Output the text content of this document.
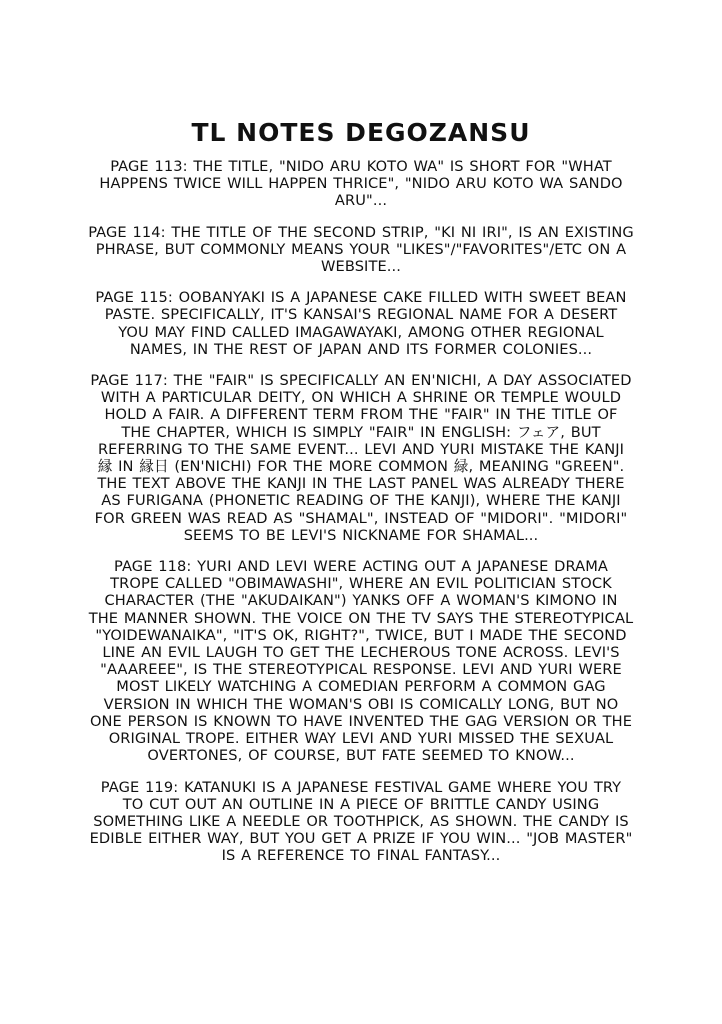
TL NOTES DEGOZANSU
PAGE 113: THE TITLE, "NIDO ARU KOTO WA" IS SHORT FOR "WHAT HAPPENS TWICE WILL HAPPEN THRICE", "NIDO ARU KOTO WA SANDO ARU"...
PAGE 114: THE TITLE OF THE SECOND STRIP, "KI NI IRI", IS AN EXISTING PHRASE, BUT COMMONLY MEANS YOUR "LIKES"/"FAVORITES"/ETC ON A WEBSITE...
PAGE 115: OOBANYAKI IS A JAPANESE CAKE FILLED WITH SWEET BEAN PASTE. SPECIFICALLY, IT'S KANSAI'S REGIONAL NAME FOR A DESERT YOU MAY FIND CALLED IMAGAWAYAKI, AMONG OTHER REGIONAL NAMES, IN THE REST OF JAPAN AND ITS FORMER COLONIES...
PAGE 117: THE "FAIR" IS SPECIFICALLY AN EN'NICHI, A DAY ASSOCIATED WITH A PARTICULAR DEITY, ON WHICH A SHRINE OR TEMPLE WOULD HOLD A FAIR. A DIFFERENT TERM FROM THE "FAIR" IN THE TITLE OF THE CHAPTER, WHICH IS SIMPLY "FAIR" IN ENGLISH: フェア, BUT REFERRING TO THE SAME EVENT... LEVI AND YURI MISTAKE THE KANJI 縁 IN 縁日 (EN'NICHI) FOR THE MORE COMMON 緑, MEANING "GREEN". THE TEXT ABOVE THE KANJI IN THE LAST PANEL WAS ALREADY THERE AS FURIGANA (PHONETIC READING OF THE KANJI), WHERE THE KANJI FOR GREEN WAS READ AS "SHAMAL", INSTEAD OF "MIDORI". "MIDORI" SEEMS TO BE LEVI'S NICKNAME FOR SHAMAL...
PAGE 118: YURI AND LEVI WERE ACTING OUT A JAPANESE DRAMA TROPE CALLED "OBIMAWASHI", WHERE AN EVIL POLITICIAN STOCK CHARACTER (THE "AKUDAIKAN") YANKS OFF A WOMAN'S KIMONO IN THE MANNER SHOWN. THE VOICE ON THE TV SAYS THE STEREOTYPICAL "YOIDEWANAIKA", "IT'S OK, RIGHT?", TWICE, BUT I MADE THE SECOND LINE AN EVIL LAUGH TO GET THE LECHEROUS TONE ACROSS. LEVI'S "AAAREEE", IS THE STEREOTYPICAL RESPONSE. LEVI AND YURI WERE MOST LIKELY WATCHING A COMEDIAN PERFORM A COMMON GAG VERSION IN WHICH THE WOMAN'S OBI IS COMICALLY LONG, BUT NO ONE PERSON IS KNOWN TO HAVE INVENTED THE GAG VERSION OR THE ORIGINAL TROPE. EITHER WAY LEVI AND YURI MISSED THE SEXUAL OVERTONES, OF COURSE, BUT FATE SEEMED TO KNOW...
PAGE 119: KATANUKI IS A JAPANESE FESTIVAL GAME WHERE YOU TRY TO CUT OUT AN OUTLINE IN A PIECE OF BRITTLE CANDY USING SOMETHING LIKE A NEEDLE OR TOOTHPICK, AS SHOWN. THE CANDY IS EDIBLE EITHER WAY, BUT YOU GET A PRIZE IF YOU WIN... "JOB MASTER" IS A REFERENCE TO FINAL FANTASY...
